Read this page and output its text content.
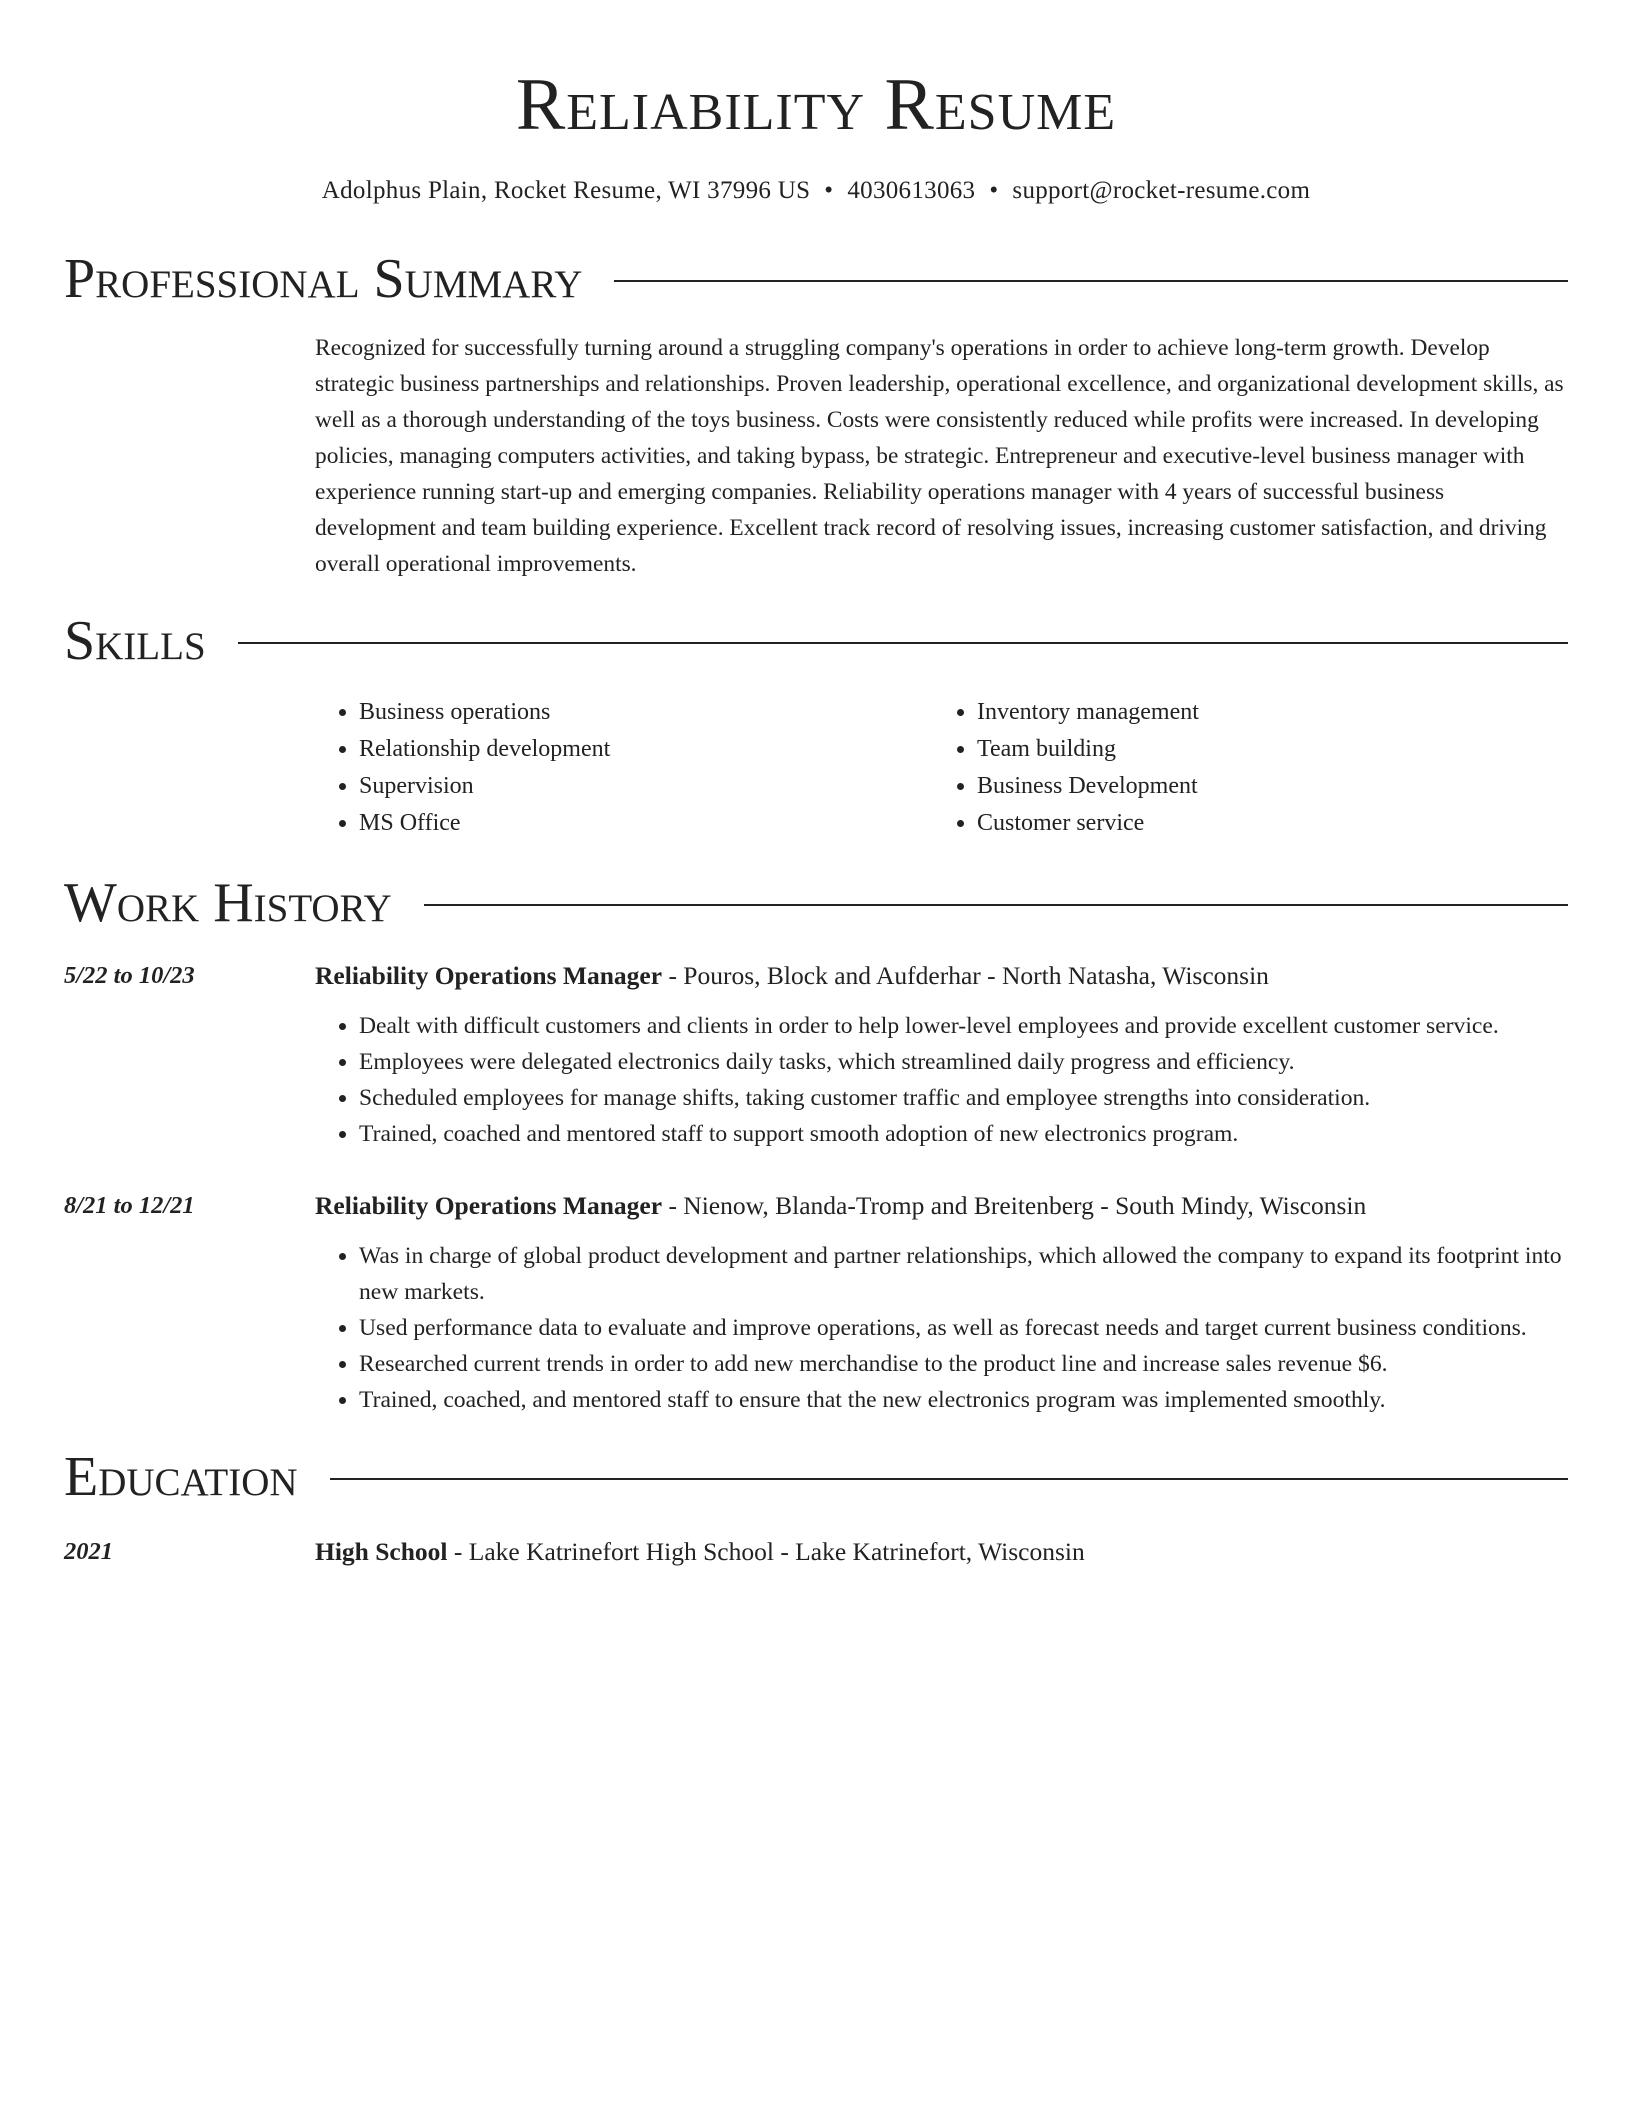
Reliability Resume
Adolphus Plain, Rocket Resume, WI 37996 US • 4030613063 • support@rocket-resume.com
Professional Summary
Recognized for successfully turning around a struggling company's operations in order to achieve long-term growth. Develop strategic business partnerships and relationships. Proven leadership, operational excellence, and organizational development skills, as well as a thorough understanding of the toys business. Costs were consistently reduced while profits were increased. In developing policies, managing computers activities, and taking bypass, be strategic. Entrepreneur and executive-level business manager with experience running start-up and emerging companies. Reliability operations manager with 4 years of successful business development and team building experience. Excellent track record of resolving issues, increasing customer satisfaction, and driving overall operational improvements.
Skills
• Business operations
• Relationship development
• Supervision
• MS Office
• Inventory management
• Team building
• Business Development
• Customer service
Work History
5/22 to 10/23	Reliability Operations Manager - Pouros, Block and Aufderhar - North Natasha, Wisconsin
• Dealt with difficult customers and clients in order to help lower-level employees and provide excellent customer service.
• Employees were delegated electronics daily tasks, which streamlined daily progress and efficiency.
• Scheduled employees for manage shifts, taking customer traffic and employee strengths into consideration.
• Trained, coached and mentored staff to support smooth adoption of new electronics program.
8/21 to 12/21	Reliability Operations Manager - Nienow, Blanda-Tromp and Breitenberg - South Mindy, Wisconsin
• Was in charge of global product development and partner relationships, which allowed the company to expand its footprint into new markets.
• Used performance data to evaluate and improve operations, as well as forecast needs and target current business conditions.
• Researched current trends in order to add new merchandise to the product line and increase sales revenue $6.
• Trained, coached, and mentored staff to ensure that the new electronics program was implemented smoothly.
Education
2021	High School - Lake Katrinefort High School - Lake Katrinefort, Wisconsin
